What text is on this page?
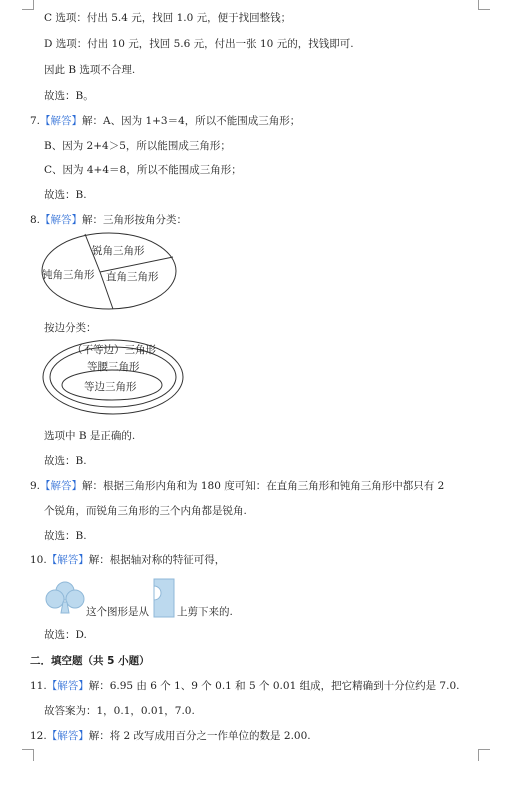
C 选项：付出 5.4 元，找回 1.0 元，便于找回整钱；
D 选项：付出 10 元，找回 5.6 元，付出一张 10 元的，找钱即可.
因此 B 选项不合理.
故选：B。
7.【解答】解：A、因为 1+3＝4，所以不能围成三角形；
B、因为 2+4＞5，所以能围成三角形；
C、因为 4+4＝8，所以不能围成三角形；
故选：B.
8.【解答】解：三角形按角分类：
锐角三角形
钝角三角形 直角三角形
按边分类：
（不等边）三角形
等腰三角形
等边三角形
选项中 B 是正确的.
故选：B.
9.【解答】解：根据三角形内角和为 180 度可知：在直角三角形和钝角三角形中都只有 2
个锐角，而锐角三角形的三个内角都是锐角.
故选：B.
10.【解答】解：根据轴对称的特征可得，
这个图形是从	上剪下来的.
故选：D.
二．填空题（共 5 小题）
11.【解答】解：6.95 由 6 个 1、9 个 0.1 和 5 个 0.01 组成，把它精确到十分位约是 7.0.
故答案为：1，0.1，0.01，7.0.
12.【解答】解：将 2 改写成用百分之一作单位的数是 2.00.
